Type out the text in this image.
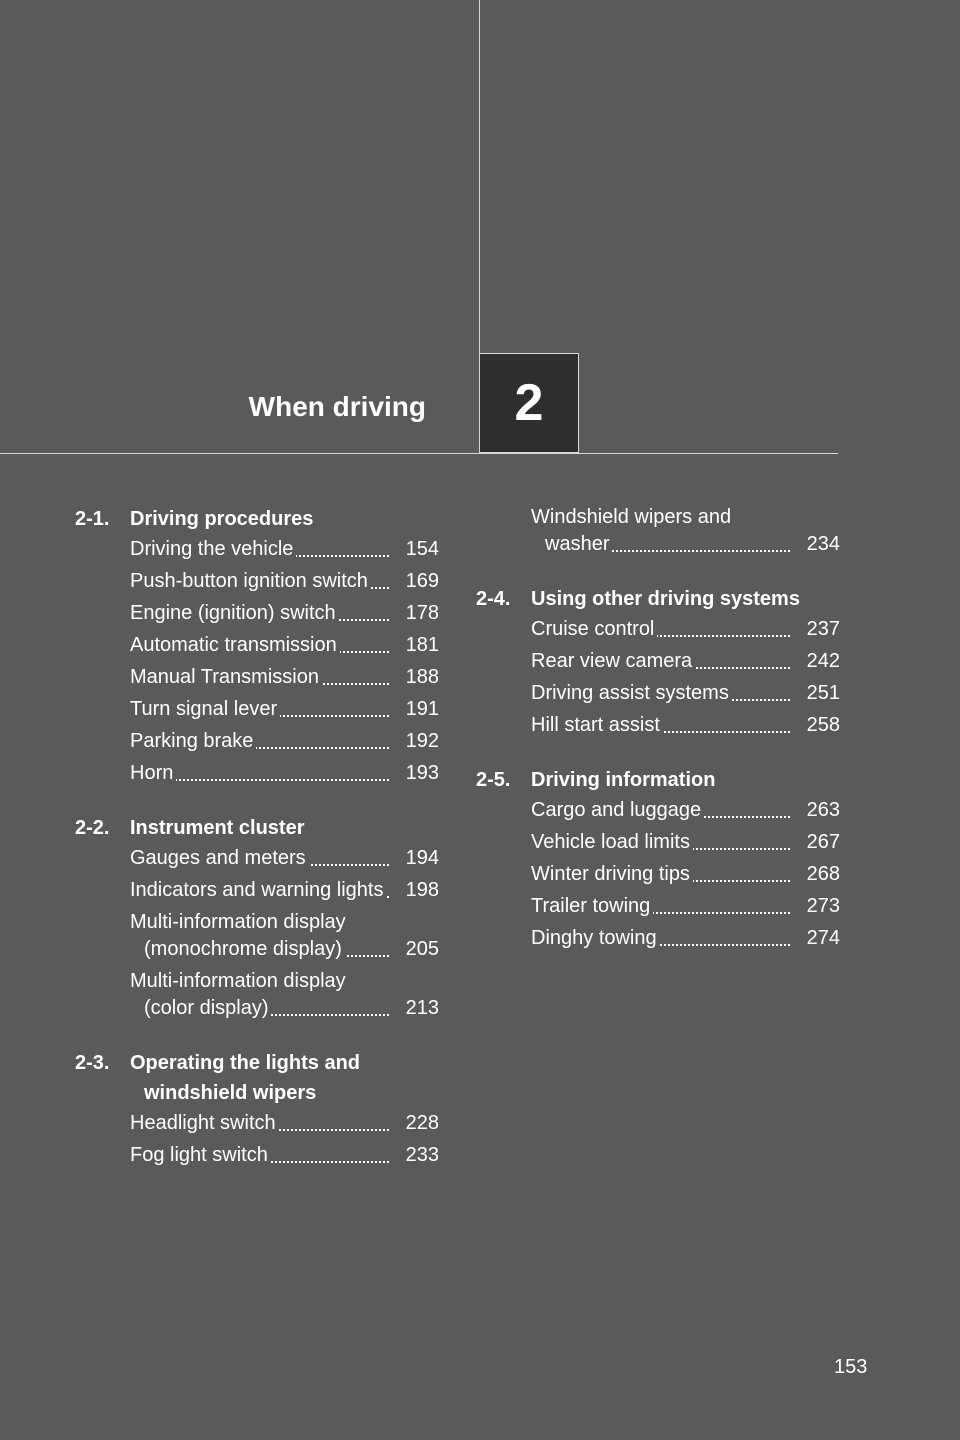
When driving 2
2-1.	Driving procedures
Driving the vehicle	154
Push-button ignition switch	169
Engine (ignition) switch	178
Automatic transmission	181
Manual Transmission	188
Turn signal lever	191
Parking brake	192
Horn	193
2-2.	Instrument cluster
Gauges and meters	194
Indicators and warning lights	198
Multi-information display (monochrome display)	205
Multi-information display (color display)	213
2-3.	Operating the lights and windshield wipers
Headlight switch	228
Fog light switch	233
Windshield wipers and washer	234
2-4.	Using other driving systems
Cruise control	237
Rear view camera	242
Driving assist systems	251
Hill start assist	258
2-5.	Driving information
Cargo and luggage	263
Vehicle load limits	267
Winter driving tips	268
Trailer towing	273
Dinghy towing	274
153
